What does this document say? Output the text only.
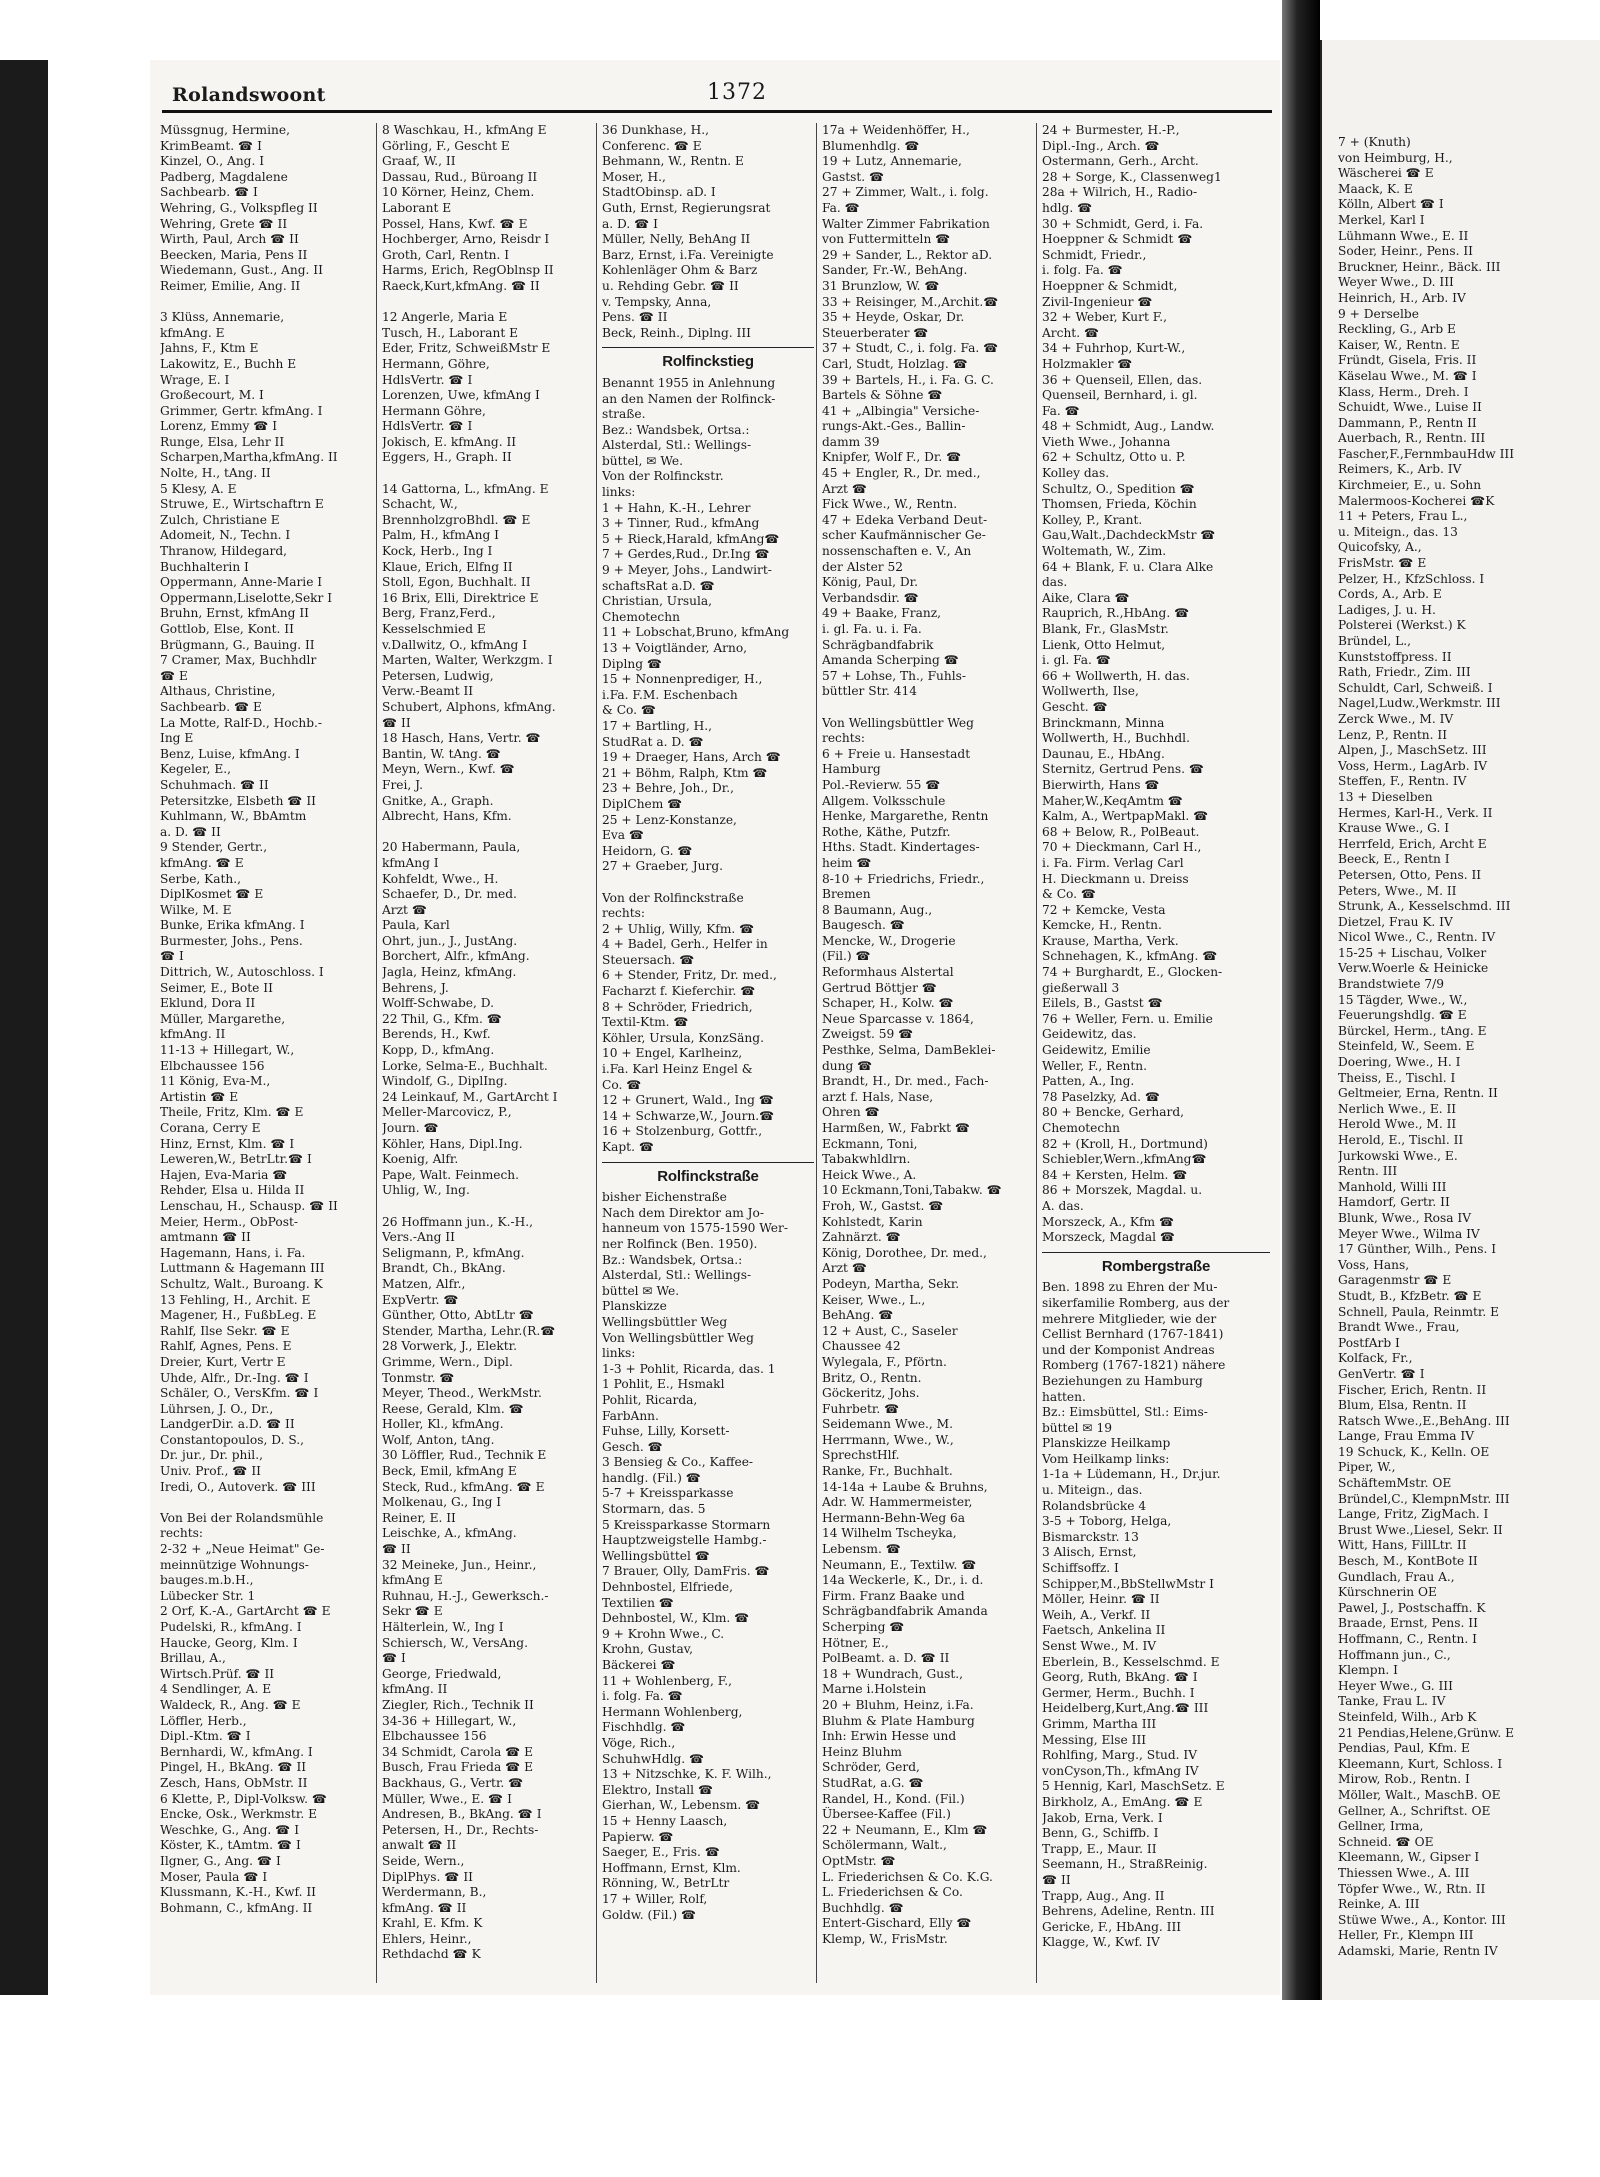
Rolandswoont	1372
Müssgnug, Hermine,
KrimBeamt. ☎ I
Kinzel, O., Ang. I
Padberg, Magdalene
Sachbearb. ☎ I
Wehring, G., Volkspfleg II
Wehring, Grete ☎ II
Wirth, Paul, Arch ☎ II
Beecken, Maria, Pens II
Wiedemann, Gust., Ang. II
Reimer, Emilie, Ang. II

3 Klüss, Annemarie,
kfmAng. E
Jahns, F., Ktm E
Lakowitz, E., Buchh E
Wrage, E. I
Großecourt, M. I
Grimmer, Gertr. kfmAng. I
Lorenz, Emmy ☎ I
Runge, Elsa, Lehr II
Scharpen,Martha,kfmAng. II
Nolte, H., tAng. II
5 Klesy, A. E
Struwe, E., Wirtschaftrn E
Zulch, Christiane E
Adomeit, N., Techn. I
Thranow, Hildegard,
Buchhalterin I
Oppermann, Anne-Marie I
Oppermann,Liselotte,Sekr I
Bruhn, Ernst, kfmAng II
Gottlob, Else, Kont. II
Brügmann, G., Bauing. II
7 Cramer, Max, Buchhdlr
☎ E
Althaus, Christine,
Sachbearb. ☎ E
La Motte, Ralf-D., Hochb.-
Ing E
Benz, Luise, kfmAng. I
Kegeler, E.,
Schuhmach. ☎ II
Petersitzke, Elsbeth ☎ II
Kuhlmann, W., BbAmtm
a. D. ☎ II
9 Stender, Gertr.,
kfmAng. ☎ E
Serbe, Kath.,
DiplKosmet ☎ E
Wilke, M. E
Bunke, Erika kfmAng. I
Burmester, Johs., Pens.
☎ I
Dittrich, W., Autoschloss. I
Seimer, E., Bote II
Eklund, Dora II
Müller, Margarethe,
kfmAng. II
11-13 + Hillegart, W.,
Elbchaussee 156
11 König, Eva-M.,
Artistin ☎ E
Theile, Fritz, Klm. ☎ E
Corana, Cerry E
Hinz, Ernst, Klm. ☎ I
Leweren,W., BetrLtr.☎ I
Hajen, Eva-Maria ☎
Rehder, Elsa u. Hilda II
Lenschau, H., Schausp. ☎ II
Meier, Herm., ObPost-
amtmann ☎ II
Hagemann, Hans, i. Fa.
Luttmann & Hagemann III
Schultz, Walt., Buroang. K
13 Fehling, H., Archit. E
Magener, H., FußbLeg. E
Rahlf, Ilse Sekr. ☎ E
Rahlf, Agnes, Pens. E
Dreier, Kurt, Vertr E
Uhde, Alfr., Dr.-Ing. ☎ I
Schäler, O., VersKfm. ☎ I
Lührsen, J. O., Dr.,
LandgerDir. a.D. ☎ II
Constantopoulos, D. S.,
Dr. jur., Dr. phil.,
Univ. Prof., ☎ II
Iredi, O., Autoverk. ☎ III

Von Bei der Rolandsmühle
rechts:
2-32 + „Neue Heimat" Ge-
meinnützige Wohnungs-
bauges.m.b.H.,
Lübecker Str. 1
2 Orf, K.-A., GartArcht ☎ E
Pudelski, R., kfmAng. I
Haucke, Georg, Klm. I
Brillau, A.,
Wirtsch.Prüf. ☎ II
4 Sendlinger, A. E
Waldeck, R., Ang. ☎ E
Löffler, Herb.,
Dipl.-Ktm. ☎ I
Bernhardi, W., kfmAng. I
Pingel, H., BkAng. ☎ II
Zesch, Hans, ObMstr. II
6 Klette, P., Dipl-Volksw. ☎
Encke, Osk., Werkmstr. E
Weschke, G., Ang. ☎ I
Köster, K., tAmtm. ☎ I
Ilgner, G., Ang. ☎ I
Moser, Paula ☎ I
Klussmann, K.-H., Kwf. II
Bohmann, C., kfmAng. II
8 Waschkau, H., kfmAng E
Görling, F., Gescht E
Graaf, W., II
Dassau, Rud., Büroang II
10 Körner, Heinz, Chem.
Laborant E
Possel, Hans, Kwf. ☎ E
Hochberger, Arno, Reisdr I
Groth, Carl, Rentn. I
Harms, Erich, RegOblnsp II
Raeck,Kurt,kfmAng. ☎ II

12 Angerle, Maria E
Tusch, H., Laborant E
Eder, Fritz, SchweißMstr E
Hermann, Göhre,
HdlsVertr. ☎ I
Lorenzen, Uwe, kfmAng I
Hermann Göhre,
HdlsVertr. ☎ I
Jokisch, E. kfmAng. II
Eggers, H., Graph. II

14 Gattorna, L., kfmAng. E
Schacht, W.,
BrennholzgroBhdl. ☎ E
Palm, H., kfmAng I
Kock, Herb., Ing I
Klaue, Erich, Elfng II
Stoll, Egon, Buchhalt. II
16 Brix, Elli, Direktrice E
Berg, Franz,Ferd.,
Kesselschmied E
v.Dallwitz, O., kfmAng I
Marten, Walter, Werkzgm. I
Petersen, Ludwig,
Verw.-Beamt II
Schubert, Alphons, kfmAng.
☎ II
18 Hasch, Hans, Vertr. ☎
Bantin, W. tAng. ☎
Meyn, Wern., Kwf. ☎
Frei, J.
Gnitke, A., Graph.
Albrecht, Hans, Kfm.

20 Habermann, Paula,
kfmAng I
Kohfeldt, Wwe., H.
Schaefer, D., Dr. med.
Arzt ☎
Paula, Karl
Ohrt, jun., J., JustAng.
Borchert, Alfr., kfmAng.
Jagla, Heinz, kfmAng.
Behrens, J.
Wolff-Schwabe, D.
22 Thil, G., Kfm. ☎
Berends, H., Kwf.
Kopp, D., kfmAng.
Lorke, Selma-E., Buchhalt.
Windolf, G., DiplIng.
24 Leinkauf, M., GartArcht I
Meller-Marcovicz, P.,
Journ. ☎
Köhler, Hans, Dipl.Ing.
Koenig, Alfr.
Pape, Walt. Feinmech.
Uhlig, W., Ing.

26 Hoffmann jun., K.-H.,
Vers.-Ang II
Seligmann, P., kfmAng.
Brandt, Ch., BkAng.
Matzen, Alfr.,
ExpVertr. ☎
Günther, Otto, AbtLtr ☎
Stender, Martha, Lehr.(R.☎
28 Vorwerk, J., Elektr.
Grimme, Wern., Dipl.
Tonmstr. ☎
Meyer, Theod., WerkMstr.
Reese, Gerald, Klm. ☎
Holler, Kl., kfmAng.
Wolf, Anton, tAng.
30 Löffler, Rud., Technik E
Beck, Emil, kfmAng E
Steck, Rud., kfmAng. ☎ E
Molkenau, G., Ing I
Reiner, E. II
Leischke, A., kfmAng.
☎ II
32 Meineke, Jun., Heinr.,
kfmAng E
Ruhnau, H.-J., Gewerksch.-
Sekr ☎ E
Hälterlein, W., Ing I
Schiersch, W., VersAng.
☎ I
George, Friedwald,
kfmAng. II
Ziegler, Rich., Technik II
34-36 + Hillegart, W.,
Elbchaussee 156
34 Schmidt, Carola ☎ E
Busch, Frau Frieda ☎ E
Backhaus, G., Vertr. ☎
Müller, Wwe., E. ☎ I
Andresen, B., BkAng. ☎ I
Petersen, H., Dr., Rechts-
anwalt ☎ II
Seide, Wern.,
DiplPhys. ☎ II
Werdermann, B.,
kfmAng. ☎ II
Krahl, E. Kfm. K
Ehlers, Heinr.,
Rethdachd ☎ K
36 Dunkhase, H.,
Conferenc. ☎ E
Behmann, W., Rentn. E
Moser, H.,
StadtObinsp. aD. I
Guth, Ernst, Regierungsrat
a. D. ☎ I
Müller, Nelly, BehAng II
Barz, Ernst, i.Fa. Vereinigte
Kohlenläger Ohm & Barz
u. Rehding Gebr. ☎ II
v. Tempsky, Anna,
Pens. ☎ II
Beck, Reinh., Diplng. III
Rolfinckstieg
Benannt 1955 in Anlehnung
an den Namen der Rolfinck-
straße.
Bez.: Wandsbek, Ortsa.:
Alsterdal, Stl.: Wellings-
büttel, ✉ We.
Von der Rolfinckstr.
links:
1 + Hahn, K.-H., Lehrer
3 + Tinner, Rud., kfmAng
5 + Rieck,Harald, kfmAng☎
7 + Gerdes,Rud., Dr.Ing ☎
9 + Meyer, Johs., Landwirt-
schaftsRat a.D. ☎
Christian, Ursula,
Chemotechn
11 + Lobschat,Bruno, kfmAng
13 + Voigtländer, Arno,
Diplng ☎
15 + Nonnenprediger, H.,
i.Fa. F.M. Eschenbach
& Co. ☎
17 + Bartling, H.,
StudRat a. D. ☎
19 + Draeger, Hans, Arch ☎
21 + Böhm, Ralph, Ktm ☎
23 + Behre, Joh., Dr.,
DiplChem ☎
25 + Lenz-Konstanze,
Eva ☎
Heidorn, G. ☎
27 + Graeber, Jurg.

Von der Rolfinckstraße
rechts:
2 + Uhlig, Willy, Kfm. ☎
4 + Badel, Gerh., Helfer in
Steuersach. ☎
6 + Stender, Fritz, Dr. med.,
Facharzt f. Kieferchir. ☎
8 + Schröder, Friedrich,
Textil-Ktm. ☎
Köhler, Ursula, KonzSäng.
10 + Engel, Karlheinz,
i.Fa. Karl Heinz Engel &
Co. ☎
12 + Grunert, Wald., Ing ☎
14 + Schwarze,W., Journ.☎
16 + Stolzenburg, Gottfr.,
Kapt. ☎
Rolfinckstraße
bisher Eichenstraße
Nach dem Direktor am Jo-
hanneum von 1575-1590 Wer-
ner Rolfinck (Ben. 1950).
Bz.: Wandsbek, Ortsa.:
Alsterdal, Stl.: Wellings-
büttel ✉ We.
Planskizze
Wellingsbüttler Weg
Von Wellingsbüttler Weg
links:
1-3 + Pohlit, Ricarda, das. 1
1 Pohlit, E., Hsmakl
Pohlit, Ricarda,
FarbAnn.
Fuhse, Lilly, Korsett-
Gesch. ☎
3 Bensieg & Co., Kaffee-
handlg. (Fil.) ☎
5-7 + Kreissparkasse
Stormarn, das. 5
5 Kreissparkasse Stormarn
Hauptzweigstelle Hambg.-
Wellingsbüttel ☎
7 Brauer, Olly, DamFris. ☎
Dehnbostel, Elfriede,
Textilien ☎
Dehnbostel, W., Klm. ☎
9 + Krohn Wwe., C.
Krohn, Gustav,
Bäckerei ☎
11 + Wohlenberg, F.,
i. folg. Fa. ☎
Hermann Wohlenberg,
Fischhdlg. ☎
Vöge, Rich.,
SchuhwHdlg. ☎
13 + Nitzschke, K. F. Wilh.,
Elektro, Install ☎
Gierhan, W., Lebensm. ☎
15 + Henny Laasch,
Papierw. ☎
Saeger, E., Fris. ☎
Hoffmann, Ernst, Klm.
Rönning, W., BetrLtr
17 + Willer, Rolf,
Goldw. (Fil.) ☎
17a + Weidenhöffer, H.,
Blumenhdlg. ☎
19 + Lutz, Annemarie,
Gastst. ☎
27 + Zimmer, Walt., i. folg.
Fa. ☎
Walter Zimmer Fabrikation
von Futtermitteln ☎
29 + Sander, L., Rektor aD.
Sander, Fr.-W., BehAng.
31 Brunzlow, W. ☎
33 + Reisinger, M.,Archit.☎
35 + Heyde, Oskar, Dr.
Steuerberater ☎
37 + Studt, C., i. folg. Fa. ☎
Carl, Studt, Holzlag. ☎
39 + Bartels, H., i. Fa. G. C.
Bartels & Söhne ☎
41 + „Albingia" Versiche-
rungs-Akt.-Ges., Ballin-
damm 39
Knipfer, Wolf F., Dr. ☎
45 + Engler, R., Dr. med.,
Arzt ☎
Fick Wwe., W., Rentn.
47 + Edeka Verband Deut-
scher Kaufmännischer Ge-
nossenschaften e. V., An
der Alster 52
König, Paul, Dr.
Verbandsdir. ☎
49 + Baake, Franz,
i. gl. Fa. u. i. Fa.
Schrägbandfabrik
Amanda Scherping ☎
57 + Lohse, Th., Fuhls-
büttler Str. 414

Von Wellingsbüttler Weg
rechts:
6 + Freie u. Hansestadt
Hamburg
Pol.-Revierw. 55 ☎
Allgem. Volksschule
Henke, Margarethe, Rentn
Rothe, Käthe, Putzfr.
Hths. Stadt. Kindertages-
heim ☎
8-10 + Friedrichs, Friedr.,
Bremen
8 Baumann, Aug.,
Baugesch. ☎
Mencke, W., Drogerie
(Fil.) ☎
Reformhaus Alstertal
Gertrud Böttjer ☎
Schaper, H., Kolw. ☎
Neue Sparcasse v. 1864,
Zweigst. 59 ☎
Pesthke, Selma, DamBeklei-
dung ☎
Brandt, H., Dr. med., Fach-
arzt f. Hals, Nase,
Ohren ☎
Harmßen, W., Fabrkt ☎
Eckmann, Toni,
Tabakwhldlrn.
Heick Wwe., A.
10 Eckmann,Toni,Tabakw. ☎
Froh, W., Gastst. ☎
Kohlstedt, Karin
Zahnärzt. ☎
König, Dorothee, Dr. med.,
Arzt ☎
Podeyn, Martha, Sekr.
Keiser, Wwe., L.,
BehAng. ☎
12 + Aust, C., Saseler
Chaussee 42
Wylegala, F., Pförtn.
Britz, O., Rentn.
Göckeritz, Johs.
Fuhrbetr. ☎
Seidemann Wwe., M.
Herrmann, Wwe., W.,
SprechstHlf.
Ranke, Fr., Buchhalt.
14-14a + Laube & Bruhns,
Adr. W. Hammermeister,
Hermann-Behn-Weg 6a
14 Wilhelm Tscheyka,
Lebensm. ☎
Neumann, E., Textilw. ☎
14a Weckerle, K., Dr., i. d.
Firm. Franz Baake und
Schrägbandfabrik Amanda
Scherping ☎
Hötner, E.,
PolBeamt. a. D. ☎ II
18 + Wundrach, Gust.,
Marne i.Holstein
20 + Bluhm, Heinz, i.Fa.
Bluhm & Plate Hamburg
Inh: Erwin Hesse und
Heinz Bluhm
Schröder, Gerd,
StudRat, a.G. ☎
Randel, H., Kond. (Fil.)
Übersee-Kaffee (Fil.)
22 + Neumann, E., Klm ☎
Schölermann, Walt.,
OptMstr. ☎
L. Friederichsen & Co. K.G.
L. Friederichsen & Co.
Buchhdlg. ☎
Entert-Gischard, Elly ☎
Klemp, W., FrisMstr.
24 + Burmester, H.-P.,
Dipl.-Ing., Arch. ☎
Ostermann, Gerh., Archt.
28 + Sorge, K., Classenweg1
28a + Wilrich, H., Radio-
hdlg. ☎
30 + Schmidt, Gerd, i. Fa.
Hoeppner & Schmidt ☎
Schmidt, Friedr.,
i. folg. Fa. ☎
Hoeppner & Schmidt,
Zivil-Ingenieur ☎
32 + Weber, Kurt F.,
Archt. ☎
34 + Fuhrhop, Kurt-W.,
Holzmakler ☎
36 + Quenseil, Ellen, das.
Quenseil, Bernhard, i. gl.
Fa. ☎
48 + Schmidt, Aug., Landw.
Vieth Wwe., Johanna
62 + Schultz, Otto u. P.
Kolley das.
Schultz, O., Spedition ☎
Thomsen, Frieda, Köchin
Kolley, P., Krant.
Gau,Walt.,DachdeckMstr ☎
Woltemath, W., Zim.
64 + Blank, F. u. Clara Alke
das.
Aike, Clara ☎
Rauprich, R.,HbAng. ☎
Blank, Fr., GlasMstr.
Lienk, Otto Helmut,
i. gl. Fa. ☎
66 + Wollwerth, H. das.
Wollwerth, Ilse,
Gescht. ☎
Brinckmann, Minna
Wollwerth, H., Buchhdl.
Daunau, E., HbAng.
Sternitz, Gertrud Pens. ☎
Bierwirth, Hans ☎
Maher,W.,KeqAmtm ☎
Kalm, A., WertpapMakl. ☎
68 + Below, R., PolBeaut.
70 + Dieckmann, Carl H.,
i. Fa. Firm. Verlag Carl
H. Dieckmann u. Dreiss
& Co. ☎
72 + Kemcke, Vesta
Kemcke, H., Rentn.
Krause, Martha, Verk.
Schnehagen, K., kfmAng. ☎
74 + Burghardt, E., Glocken-
gießerwall 3
Eilels, B., Gastst ☎
76 + Weller, Fern. u. Emilie
Geidewitz, das.
Geidewitz, Emilie
Weller, F., Rentn.
Patten, A., Ing.
78 Paselzky, Ad. ☎
80 + Bencke, Gerhard,
Chemotechn
82 + (Kroll, H., Dortmund)
Schiebler,Wern.,kfmAng☎
84 + Kersten, Helm. ☎
86 + Morszek, Magdal. u.
A. das.
Morszeck, A., Kfm ☎
Morszeck, Magdal ☎
Rombergstraße
Ben. 1898 zu Ehren der Mu-
sikerfamilie Romberg, aus der
mehrere Mitglieder, wie der
Cellist Bernhard (1767-1841)
und der Komponist Andreas
Romberg (1767-1821) nähere
Beziehungen zu Hamburg
hatten.
Bz.: Eimsbüttel, Stl.: Eims-
büttel ✉ 19
Planskizze Heilkamp
Vom Heilkamp links:
1-1a + Lüdemann, H., Dr.jur.
u. Miteign., das.
Rolandsbrücke 4
3-5 + Toborg, Helga,
Bismarckstr. 13
3 Alisch, Ernst,
Schiffsoffz. I
Schipper,M.,BbStellwMstr I
Möller, Heinr. ☎ II
Weih, A., Verkf. II
Faetsch, Ankelina II
Senst Wwe., M. IV
Eberlein, B., Kesselschmd. E
Georg, Ruth, BkAng. ☎ I
Germer, Herm., Buchh. I
Heidelberg,Kurt,Ang.☎ III
Grimm, Martha III
Messing, Else III
Rohlfing, Marg., Stud. IV
vonCyson,Th., kfmAng IV
5 Hennig, Karl, MaschSetz. E
Birkholz, A., EmAng. ☎ E
Jakob, Erna, Verk. I
Benn, G., Schiffb. I
Trapp, E., Maur. II
Seemann, H., StraßReinig.
☎ II
Trapp, Aug., Ang. II
Behrens, Adeline, Rentn. III
Gericke, F., HbAng. III
Klagge, W., Kwf. IV
7 + (Knuth)
von Heimburg, H.,
Wäscherei ☎ E
Maack, K. E
Kölln, Albert ☎ I
Merkel, Karl I
Lühmann Wwe., E. II
Soder, Heinr., Pens. II
Bruckner, Heinr., Bäck. III
Weyer Wwe., D. III
Heinrich, H., Arb. IV
9 + Derselbe
Reckling, G., Arb E
Kaiser, W., Rentn. E
Fründt, Gisela, Fris. II
Käselau Wwe., M. ☎ I
Klass, Herm., Dreh. I
Schuidt, Wwe., Luise II
Dammann, P., Rentn II
Auerbach, R., Rentn. III
Fascher,F.,FernmbauHdw III
Reimers, K., Arb. IV
Kirchmeier, E., u. Sohn
Malermoos-Kocherei ☎K
11 + Peters, Frau L.,
u. Miteign., das. 13
Quicofsky, A.,
FrisMstr. ☎ E
Pelzer, H., KfzSchloss. I
Cords, A., Arb. E
Ladiges, J. u. H.
Polsterei (Werkst.) K
Bründel, L.,
Kunststoffpress. II
Rath, Friedr., Zim. III
Schuldt, Carl, Schweiß. I
Nagel,Ludw.,Werkmstr. III
Zerck Wwe., M. IV
Lenz, P., Rentn. II
Alpen, J., MaschSetz. III
Voss, Herm., LagArb. IV
Steffen, F., Rentn. IV
13 + Dieselben
Hermes, Karl-H., Verk. II
Krause Wwe., G. I
Herrfeld, Erich, Archt E
Beeck, E., Rentn I
Petersen, Otto, Pens. II
Peters, Wwe., M. II
Strunk, A., Kesselschmd. III
Dietzel, Frau K. IV
Nicol Wwe., C., Rentn. IV
15-25 + Lischau, Volker
Verw.Woerle & Heinicke
Brandstwiete 7/9
15 Tägder, Wwe., W.,
Feuerungshdlg. ☎ E
Bürckel, Herm., tAng. E
Steinfeld, W., Seem. E
Doering, Wwe., H. I
Theiss, E., Tischl. I
Geltmeier, Erna, Rentn. II
Nerlich Wwe., E. II
Herold Wwe., M. II
Herold, E., Tischl. II
Jurkowski Wwe., E.
Rentn. III
Manhold, Willi III
Hamdorf, Gertr. II
Blunk, Wwe., Rosa IV
Meyer Wwe., Wilma IV
17 Günther, Wilh., Pens. I
Voss, Hans,
Garagenmstr ☎ E
Studt, B., KfzBetr. ☎ E
Schnell, Paula, Reinmtr. E
Brandt Wwe., Frau,
PostfArb I
Kolfack, Fr.,
GenVertr. ☎ I
Fischer, Erich, Rentn. II
Blum, Elsa, Rentn. II
Ratsch Wwe.,E.,BehAng. III
Lange, Frau Emma IV
19 Schuck, K., Kelln. OE
Piper, W.,
SchäftemMstr. OE
Bründel,C., KlempnMstr. III
Lange, Fritz, ZigMach. I
Brust Wwe.,Liesel, Sekr. II
Witt, Hans, FillLtr. II
Besch, M., KontBote II
Gundlach, Frau A.,
Kürschnerin OE
Pawel, J., Postschaffn. K
Braade, Ernst, Pens. II
Hoffmann, C., Rentn. I
Hoffmann jun., C.,
Klempn. I
Heyer Wwe., G. III
Tanke, Frau L. IV
Steinfeld, Wilh., Arb K
21 Pendias,Helene,Grünw. E
Pendias, Paul, Kfm. E
Kleemann, Kurt, Schloss. I
Mirow, Rob., Rentn. I
Möller, Walt., MaschB. OE
Gellner, A., Schriftst. OE
Gellner, Irma,
Schneid. ☎ OE
Kleemann, W., Gipser I
Thiessen Wwe., A. III
Töpfer Wwe., W., Rtn. II
Reinke, A. III
Stüwe Wwe., A., Kontor. III
Heller, Fr., Klempn III
Adamski, Marie, Rentn IV
